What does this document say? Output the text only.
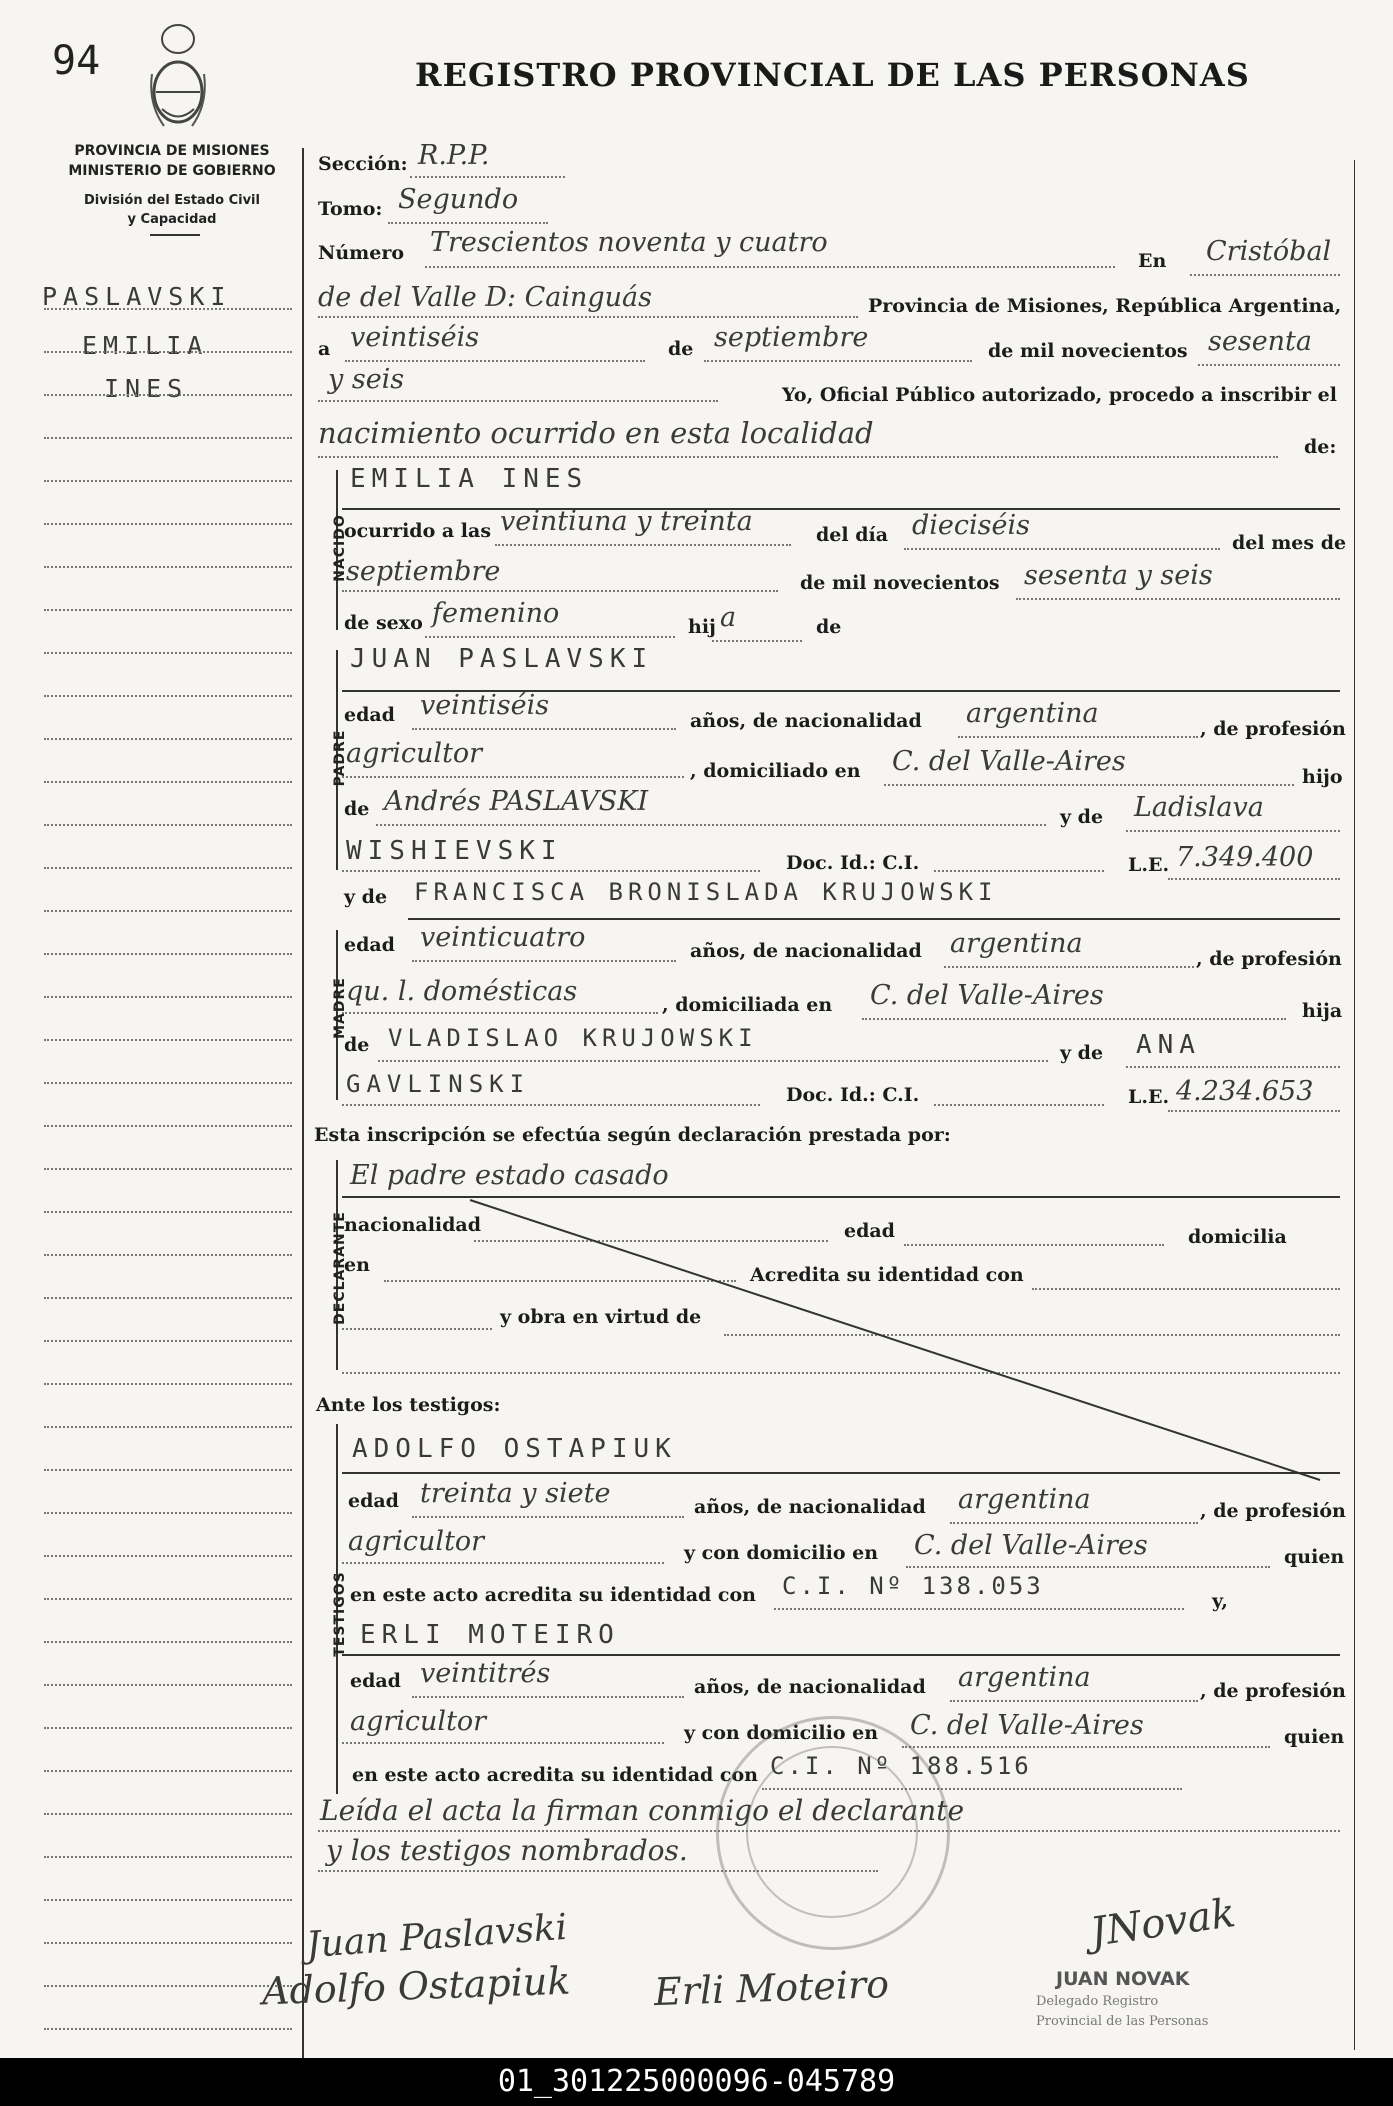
94	REGISTRO PROVINCIAL DE LAS PERSONAS
PROVINCIA DE MISIONES
MINISTERIO DE GOBIERNO
División del Estado Civil
y Capacidad
PASLAVSKI
EMILIA
INES
Sección: R.P.P.
Tomo: Segundo
Número Trescientos noventa y cuatro
En Cristóbal
de del Valle D: Cainguás	Provincia de Misiones, República Argentina,
a veintiséis	de septiembre	de mil novecientos sesenta
y seis	Yo, Oficial Público autorizado, procedo a inscribir el
nacimiento ocurrido en esta localidad	de:
NACIDO
EMILIA INES
ocurrido a las veintiuna y treinta	del día dieciséis
del mes de
septiembre	de mil novecientos sesenta y seis
de sexo femenino	hij a	de
PADRE
JUAN PASLAVSKI
edad veintiséis	años, de nacionalidad argentina	, de profesión
agricultor
, domiciliado en C. del Valle-Aires	hijo
de Andrés PASLAVSKI	y de Ladislava
WISHIEVSKI	Doc. Id.: C.I.	L.E. 7.349.400
MADRE
y de FRANCISCA BRONISLADA KRUJOWSKI
edad veinticuatro	años, de nacionalidad argentina	, de profesión
qu. l. domésticas	, domiciliada en C. del Valle-Aires	hija
de VLADISLAO KRUJOWSKI
y de ANA
GAVLINSKI	Doc. Id.: C.I.	L.E. 4.234.653
Esta inscripción se efectúa según declaración prestada por:
DECLARANTE
El padre estado casado
nacionalidad	edad	domicilia
en	Acredita su identidad con
y obra en virtud de
Ante los testigos:
TESTIGOS
ADOLFO OSTAPIUK
edad treinta y siete	años, de nacionalidad argentina	, de profesión
agricultor	y con domicilio en C. del Valle-Aires	quien
en este acto acredita su identidad con C.I. Nº 138.053
y,
ERLI MOTEIRO
edad veintitrés	años, de nacionalidad argentina	, de profesión
agricultor	y con domicilio en C. del Valle-Aires	quien
en este acto acredita su identidad con C.I. Nº 188.516
Leída el acta la firman conmigo el declarante
y los testigos nombrados.
Juan Paslavski
Adolfo Ostapiuk Erli Moteiro
JNovak
JUAN NOVAK
Delegado Registro
Provincial de las Personas
01_301225000096-045789
